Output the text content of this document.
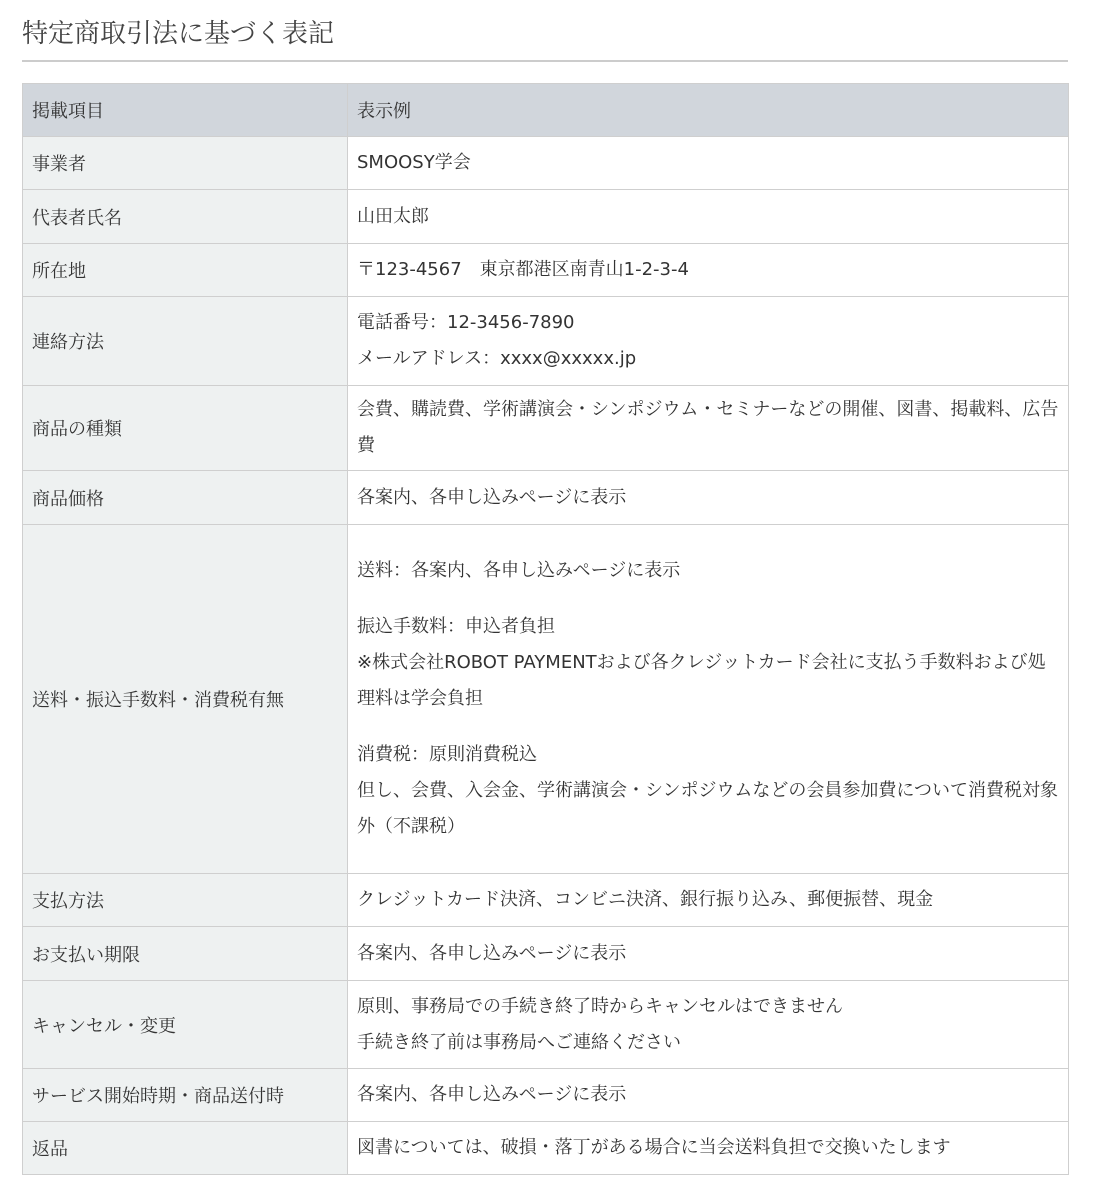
特定商取引法に基づく表記
掲載項目	表示例
事業者	SMOOSY学会

代表者氏名	山田太郎

所在地	〒123-4567　東京都港区南青山1-2-3-4

連絡方法	電話番号：12-3456-7890
メールアドレス：xxxx@xxxxx.jp

商品の種類	会費、購読費、学術講演会・シンポジウム・セミナーなどの開催、図書、掲載料、広告費

商品価格	各案内、各申し込みページに表示

送料・振込手数料・消費税有無	送料：各案内、各申し込みページに表示
振込手数料：申込者負担
※株式会社ROBOT PAYMENTおよび各クレジットカード会社に支払う手数料および処理料は学会負担
消費税：原則消費税込
但し、会費、入会金、学術講演会・シンポジウムなどの会員参加費について消費税対象外（不課税）

支払方法	クレジットカード決済、コンビニ決済、銀行振り込み、郵便振替、現金

お支払い期限	各案内、各申し込みページに表示

キャンセル・変更	原則、事務局での手続き終了時からキャンセルはできません
手続き終了前は事務局へご連絡ください

サービス開始時期・商品送付時	各案内、各申し込みページに表示

返品	図書については、破損・落丁がある場合に当会送料負担で交換いたします
